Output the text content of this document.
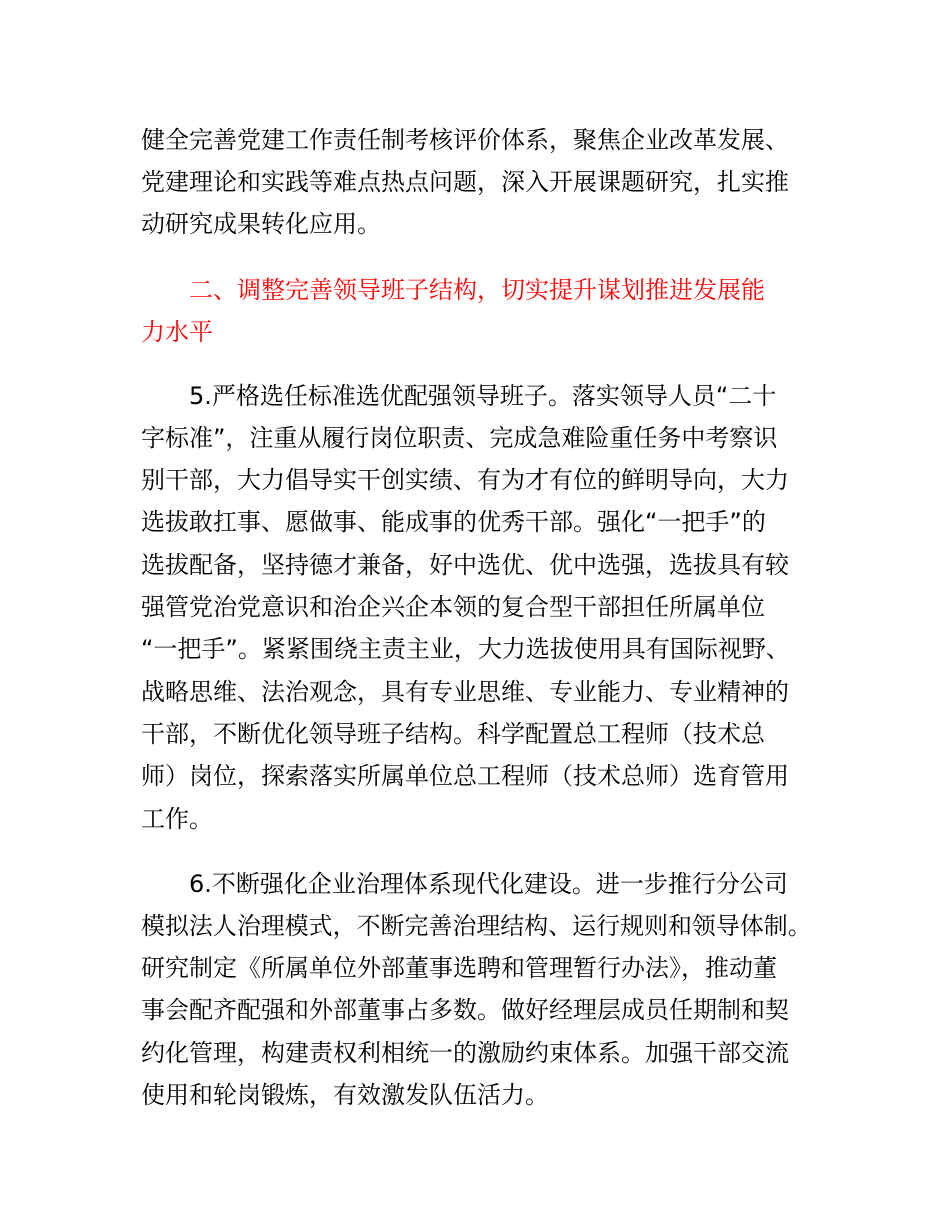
健全完善党建工作责任制考核评价体系，聚焦企业改革发展、

党建理论和实践等难点热点问题，深入开展课题研究，扎实推

动研究成果转化应用。

二、调整完善领导班子结构，切实提升谋划推进发展能

力水平

5.严格选任标准选优配强领导班子。落实领导人员“二十

字标准”，注重从履行岗位职责、完成急难险重任务中考察识

别干部，大力倡导实干创实绩、有为才有位的鲜明导向，大力

选拔敢扛事、愿做事、能成事的优秀干部。强化“一把手”的

选拔配备，坚持德才兼备，好中选优、优中选强，选拔具有较

强管党治党意识和治企兴企本领的复合型干部担任所属单位

“一把手”。紧紧围绕主责主业，大力选拔使用具有国际视野、

战略思维、法治观念，具有专业思维、专业能力、专业精神的

干部，不断优化领导班子结构。科学配置总工程师（技术总

师）岗位，探索落实所属单位总工程师（技术总师）选育管用

工作。

6.不断强化企业治理体系现代化建设。进一步推行分公司

模拟法人治理模式，不断完善治理结构、运行规则和领导体制。

研究制定《所属单位外部董事选聘和管理暂行办法》，推动董

事会配齐配强和外部董事占多数。做好经理层成员任期制和契

约化管理，构建责权利相统一的激励约束体系。加强干部交流

使用和轮岗锻炼，有效激发队伍活力。
